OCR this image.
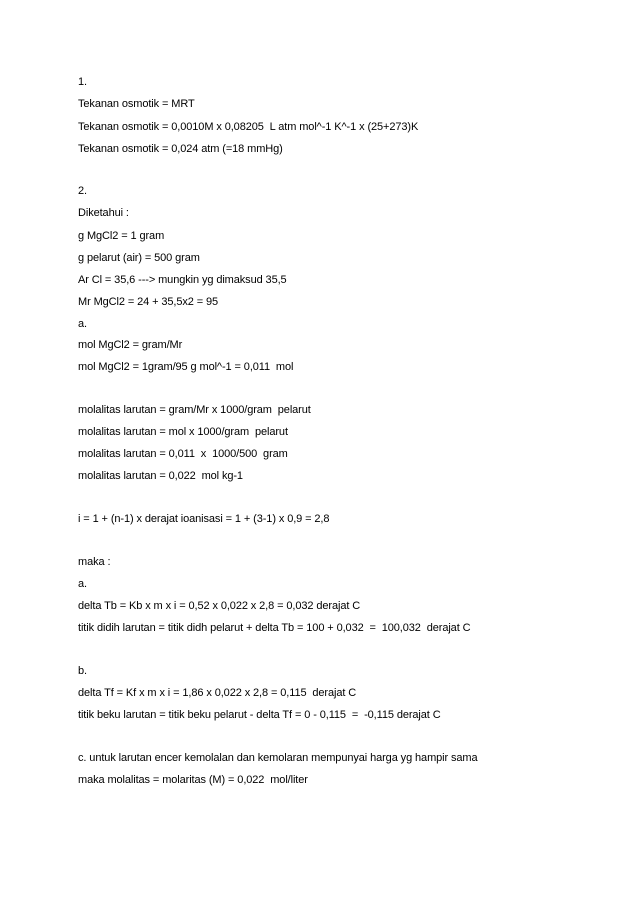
1.
Tekanan osmotik = MRT
Tekanan osmotik = 0,0010M x 0,08205  L atm mol^-1 K^-1 x (25+273)K
Tekanan osmotik = 0,024 atm (=18 mmHg)
2.
Diketahui :
g MgCl2 = 1 gram
g pelarut (air) = 500 gram
Ar Cl = 35,6 ---> mungkin yg dimaksud 35,5
Mr MgCl2 = 24 + 35,5x2 = 95
a.
mol MgCl2 = gram/Mr
mol MgCl2 = 1gram/95 g mol^-1 = 0,011  mol
molalitas larutan = gram/Mr x 1000/gram  pelarut
molalitas larutan = mol x 1000/gram  pelarut
molalitas larutan = 0,011  x  1000/500  gram
molalitas larutan = 0,022  mol kg-1
i = 1 + (n-1) x derajat ioanisasi = 1 + (3-1) x 0,9 = 2,8
maka :
a.
delta Tb = Kb x m x i = 0,52 x 0,022 x 2,8 = 0,032 derajat C
titik didih larutan = titik didh pelarut + delta Tb = 100 + 0,032  =  100,032  derajat C
b.
delta Tf = Kf x m x i = 1,86 x 0,022 x 2,8 = 0,115  derajat C
titik beku larutan = titik beku pelarut - delta Tf = 0 - 0,115  =  -0,115 derajat C
c. untuk larutan encer kemolalan dan kemolaran mempunyai harga yg hampir sama
maka molalitas = molaritas (M) = 0,022  mol/liter
